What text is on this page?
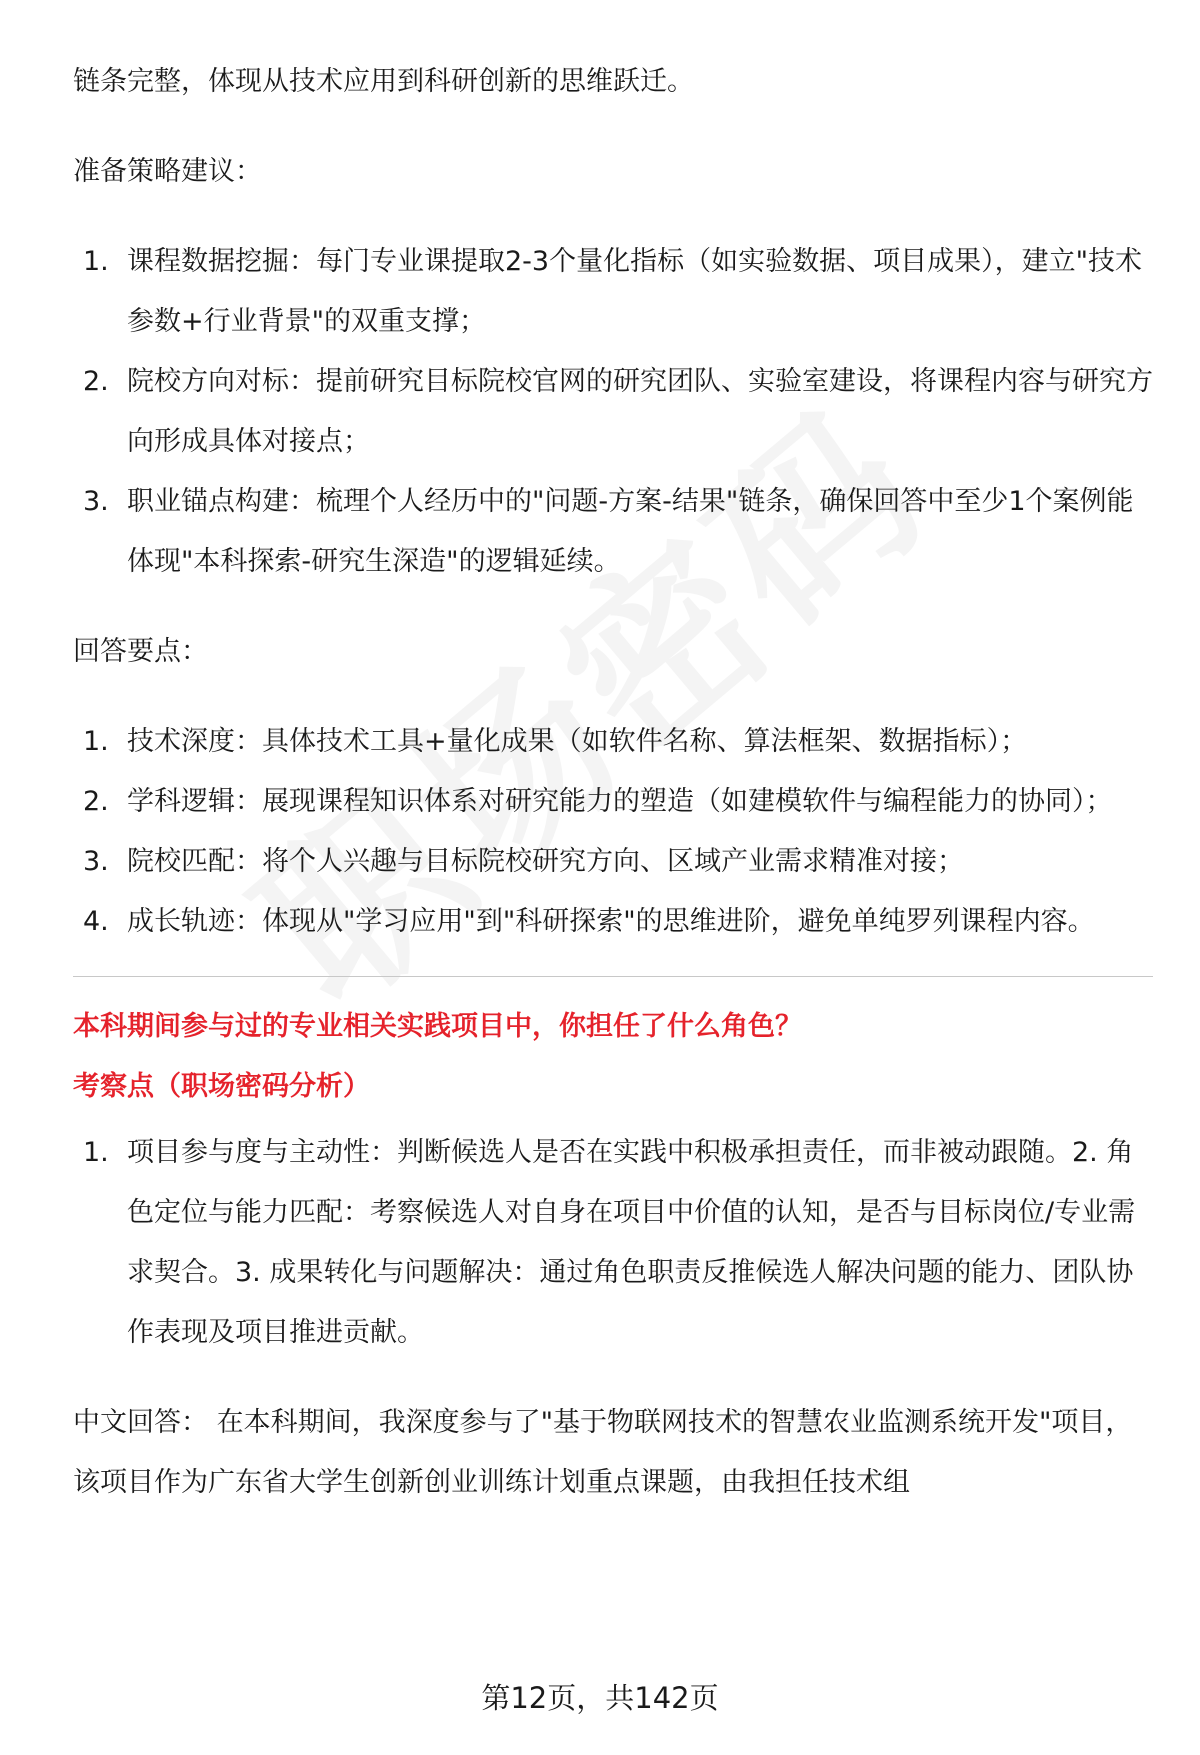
链条完整，体现从技术应用到科研创新的思维跃迁。

准备策略建议：

1. 课程数据挖掘：每门专业课提取2-3个量化指标（如实验数据、项目成果），建立"技术参数+行业背景"的双重支撑；
2. 院校方向对标：提前研究目标院校官网的研究团队、实验室建设，将课程内容与研究方向形成具体对接点；
3. 职业锚点构建：梳理个人经历中的"问题-方案-结果"链条，确保回答中至少1个案例能体现"本科探索-研究生深造"的逻辑延续。

回答要点：

1. 技术深度：具体技术工具+量化成果（如软件名称、算法框架、数据指标）；
2. 学科逻辑：展现课程知识体系对研究能力的塑造（如建模软件与编程能力的协同）；
3. 院校匹配：将个人兴趣与目标院校研究方向、区域产业需求精准对接；
4. 成长轨迹：体现从"学习应用"到"科研探索"的思维进阶，避免单纯罗列课程内容。

本科期间参与过的专业相关实践项目中，你担任了什么角色？

考察点（职场密码分析）

1. 项目参与度与主动性：判断候选人是否在实践中积极承担责任，而非被动跟随。2. 角色定位与能力匹配：考察候选人对自身在项目中价值的认知，是否与目标岗位/专业需求契合。3. 成果转化与问题解决：通过角色职责反推候选人解决问题的能力、团队协作表现及项目推进贡献。

中文回答： 在本科期间，我深度参与了"基于物联网技术的智慧农业监测系统开发"项目，该项目作为广东省大学生创新创业训练计划重点课题，由我担任技术组

第12页，共142页
